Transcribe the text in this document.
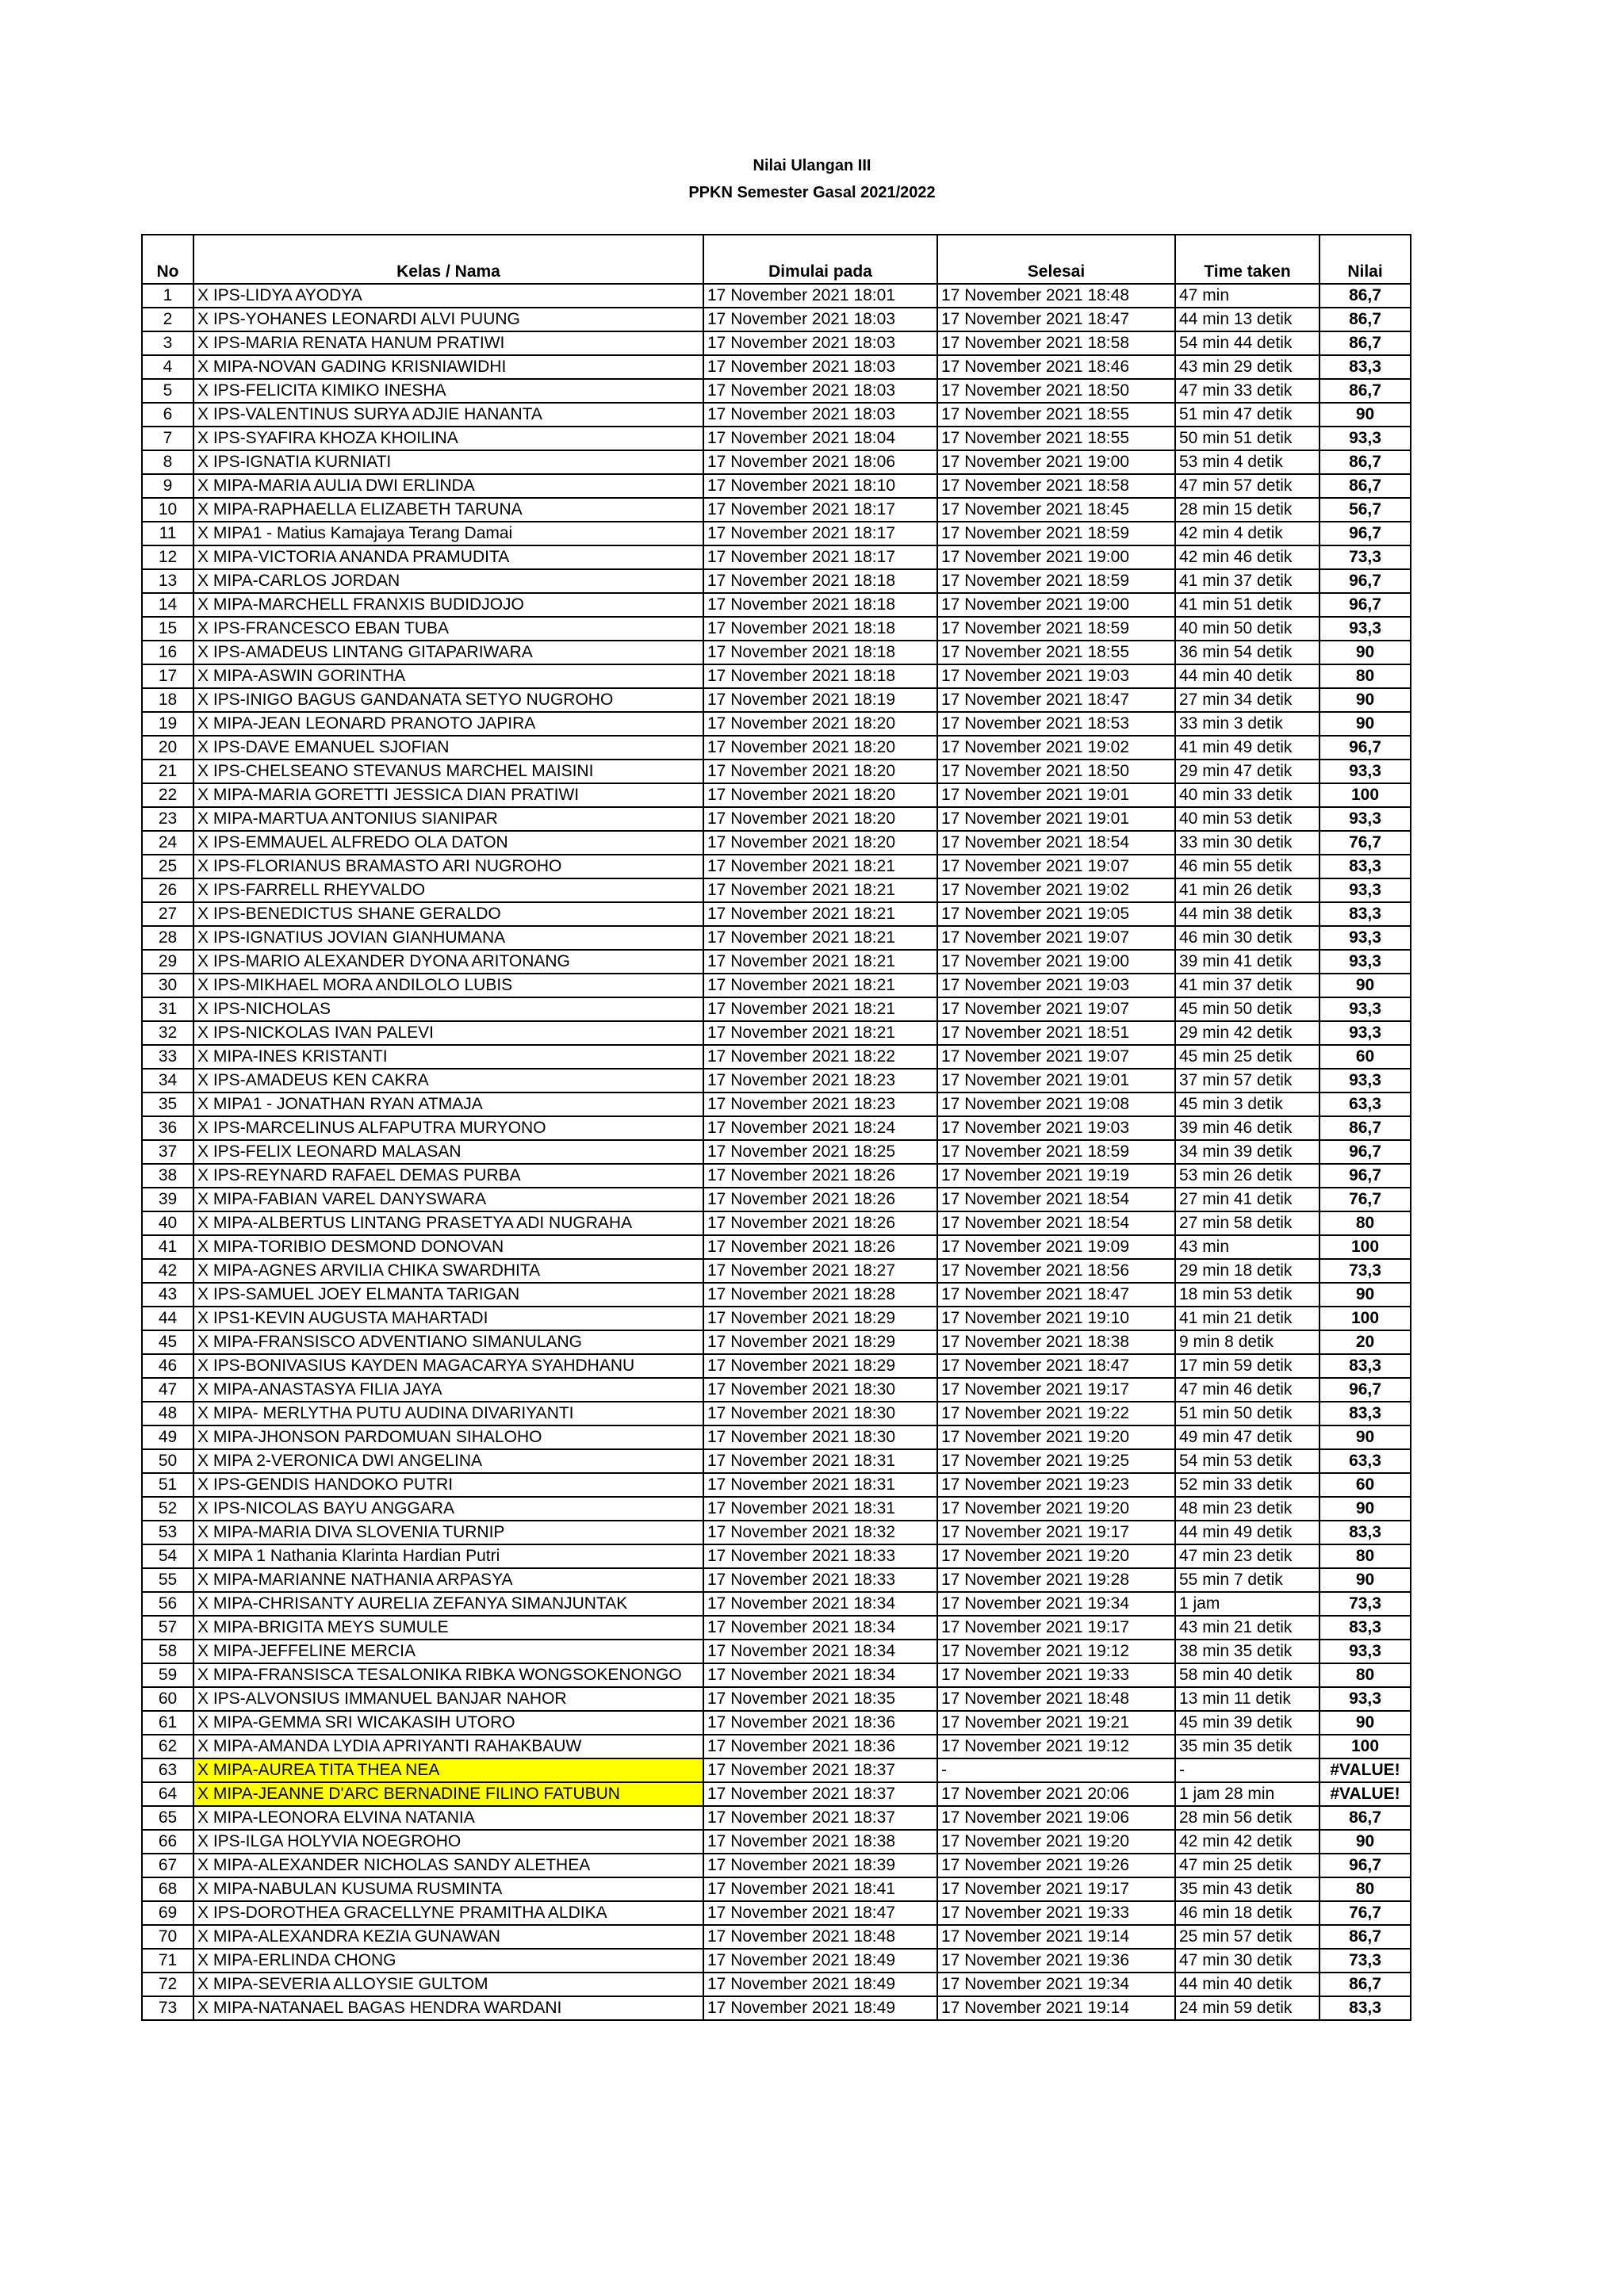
Nilai Ulangan III
PPKN Semester Gasal 2021/2022
No	Kelas / Nama	Dimulai pada	Selesai	Time taken	Nilai
1	X IPS-LIDYA AYODYA	17 November 2021 18:01	17 November 2021 18:48	47 min	86,7
2	X IPS-YOHANES LEONARDI ALVI PUUNG	17 November 2021 18:03	17 November 2021 18:47	44 min 13 detik	86,7
3	X IPS-MARIA RENATA HANUM PRATIWI	17 November 2021 18:03	17 November 2021 18:58	54 min 44 detik	86,7
4	X MIPA-NOVAN GADING KRISNIAWIDHI	17 November 2021 18:03	17 November 2021 18:46	43 min 29 detik	83,3
5	X IPS-FELICITA KIMIKO INESHA	17 November 2021 18:03	17 November 2021 18:50	47 min 33 detik	86,7
6	X IPS-VALENTINUS SURYA ADJIE HANANTA	17 November 2021 18:03	17 November 2021 18:55	51 min 47 detik	90
7	X IPS-SYAFIRA KHOZA KHOILINA	17 November 2021 18:04	17 November 2021 18:55	50 min 51 detik	93,3
8	X IPS-IGNATIA KURNIATI	17 November 2021 18:06	17 November 2021 19:00	53 min 4 detik	86,7
9	X MIPA-MARIA AULIA DWI ERLINDA	17 November 2021 18:10	17 November 2021 18:58	47 min 57 detik	86,7
10	X MIPA-RAPHAELLA ELIZABETH TARUNA	17 November 2021 18:17	17 November 2021 18:45	28 min 15 detik	56,7
11	X MIPA1 - Matius Kamajaya Terang Damai	17 November 2021 18:17	17 November 2021 18:59	42 min 4 detik	96,7
12	X MIPA-VICTORIA ANANDA PRAMUDITA	17 November 2021 18:17	17 November 2021 19:00	42 min 46 detik	73,3
13	X MIPA-CARLOS JORDAN	17 November 2021 18:18	17 November 2021 18:59	41 min 37 detik	96,7
14	X MIPA-MARCHELL FRANXIS BUDIDJOJO	17 November 2021 18:18	17 November 2021 19:00	41 min 51 detik	96,7
15	X IPS-FRANCESCO EBAN TUBA	17 November 2021 18:18	17 November 2021 18:59	40 min 50 detik	93,3
16	X IPS-AMADEUS LINTANG GITAPARIWARA	17 November 2021 18:18	17 November 2021 18:55	36 min 54 detik	90
17	X MIPA-ASWIN GORINTHA	17 November 2021 18:18	17 November 2021 19:03	44 min 40 detik	80
18	X IPS-INIGO BAGUS GANDANATA SETYO NUGROHO	17 November 2021 18:19	17 November 2021 18:47	27 min 34 detik	90
19	X MIPA-JEAN LEONARD PRANOTO JAPIRA	17 November 2021 18:20	17 November 2021 18:53	33 min 3 detik	90
20	X IPS-DAVE EMANUEL SJOFIAN	17 November 2021 18:20	17 November 2021 19:02	41 min 49 detik	96,7
21	X IPS-CHELSEANO STEVANUS MARCHEL MAISINI	17 November 2021 18:20	17 November 2021 18:50	29 min 47 detik	93,3
22	X MIPA-MARIA GORETTI JESSICA DIAN PRATIWI	17 November 2021 18:20	17 November 2021 19:01	40 min 33 detik	100
23	X MIPA-MARTUA ANTONIUS SIANIPAR	17 November 2021 18:20	17 November 2021 19:01	40 min 53 detik	93,3
24	X IPS-EMMAUEL ALFREDO OLA DATON	17 November 2021 18:20	17 November 2021 18:54	33 min 30 detik	76,7
25	X IPS-FLORIANUS BRAMASTO ARI NUGROHO	17 November 2021 18:21	17 November 2021 19:07	46 min 55 detik	83,3
26	X IPS-FARRELL RHEYVALDO	17 November 2021 18:21	17 November 2021 19:02	41 min 26 detik	93,3
27	X IPS-BENEDICTUS SHANE GERALDO	17 November 2021 18:21	17 November 2021 19:05	44 min 38 detik	83,3
28	X IPS-IGNATIUS JOVIAN GIANHUMANA	17 November 2021 18:21	17 November 2021 19:07	46 min 30 detik	93,3
29	X IPS-MARIO ALEXANDER DYONA ARITONANG	17 November 2021 18:21	17 November 2021 19:00	39 min 41 detik	93,3
30	X IPS-MIKHAEL MORA ANDILOLO LUBIS	17 November 2021 18:21	17 November 2021 19:03	41 min 37 detik	90
31	X IPS-NICHOLAS	17 November 2021 18:21	17 November 2021 19:07	45 min 50 detik	93,3
32	X IPS-NICKOLAS IVAN PALEVI	17 November 2021 18:21	17 November 2021 18:51	29 min 42 detik	93,3
33	X MIPA-INES KRISTANTI	17 November 2021 18:22	17 November 2021 19:07	45 min 25 detik	60
34	X IPS-AMADEUS KEN CAKRA	17 November 2021 18:23	17 November 2021 19:01	37 min 57 detik	93,3
35	X MIPA1 - JONATHAN RYAN ATMAJA	17 November 2021 18:23	17 November 2021 19:08	45 min 3 detik	63,3
36	X IPS-MARCELINUS ALFAPUTRA MURYONO	17 November 2021 18:24	17 November 2021 19:03	39 min 46 detik	86,7
37	X IPS-FELIX LEONARD MALASAN	17 November 2021 18:25	17 November 2021 18:59	34 min 39 detik	96,7
38	X IPS-REYNARD RAFAEL DEMAS PURBA	17 November 2021 18:26	17 November 2021 19:19	53 min 26 detik	96,7
39	X MIPA-FABIAN VAREL DANYSWARA	17 November 2021 18:26	17 November 2021 18:54	27 min 41 detik	76,7
40	X MIPA-ALBERTUS LINTANG PRASETYA ADI NUGRAHA	17 November 2021 18:26	17 November 2021 18:54	27 min 58 detik	80
41	X MIPA-TORIBIO DESMOND DONOVAN	17 November 2021 18:26	17 November 2021 19:09	43 min	100
42	X MIPA-AGNES ARVILIA CHIKA SWARDHITA	17 November 2021 18:27	17 November 2021 18:56	29 min 18 detik	73,3
43	X IPS-SAMUEL JOEY ELMANTA TARIGAN	17 November 2021 18:28	17 November 2021 18:47	18 min 53 detik	90
44	X IPS1-KEVIN AUGUSTA MAHARTADI	17 November 2021 18:29	17 November 2021 19:10	41 min 21 detik	100
45	X MIPA-FRANSISCO ADVENTIANO SIMANULANG	17 November 2021 18:29	17 November 2021 18:38	9 min 8 detik	20
46	X IPS-BONIVASIUS KAYDEN MAGACARYA SYAHDHANU	17 November 2021 18:29	17 November 2021 18:47	17 min 59 detik	83,3
47	X MIPA-ANASTASYA FILIA JAYA	17 November 2021 18:30	17 November 2021 19:17	47 min 46 detik	96,7
48	X MIPA- MERLYTHA PUTU AUDINA DIVARIYANTI	17 November 2021 18:30	17 November 2021 19:22	51 min 50 detik	83,3
49	X MIPA-JHONSON PARDOMUAN SIHALOHO	17 November 2021 18:30	17 November 2021 19:20	49 min 47 detik	90
50	X MIPA 2-VERONICA DWI ANGELINA	17 November 2021 18:31	17 November 2021 19:25	54 min 53 detik	63,3
51	X IPS-GENDIS HANDOKO PUTRI	17 November 2021 18:31	17 November 2021 19:23	52 min 33 detik	60
52	X IPS-NICOLAS BAYU ANGGARA	17 November 2021 18:31	17 November 2021 19:20	48 min 23 detik	90
53	X MIPA-MARIA DIVA SLOVENIA TURNIP	17 November 2021 18:32	17 November 2021 19:17	44 min 49 detik	83,3
54	X MIPA 1 Nathania Klarinta Hardian Putri	17 November 2021 18:33	17 November 2021 19:20	47 min 23 detik	80
55	X MIPA-MARIANNE NATHANIA ARPASYA	17 November 2021 18:33	17 November 2021 19:28	55 min 7 detik	90
56	X MIPA-CHRISANTY AURELIA ZEFANYA SIMANJUNTAK	17 November 2021 18:34	17 November 2021 19:34	1 jam	73,3
57	X MIPA-BRIGITA MEYS SUMULE	17 November 2021 18:34	17 November 2021 19:17	43 min 21 detik	83,3
58	X MIPA-JEFFELINE MERCIA	17 November 2021 18:34	17 November 2021 19:12	38 min 35 detik	93,3
59	X MIPA-FRANSISCA TESALONIKA RIBKA WONGSOKENONGO	17 November 2021 18:34	17 November 2021 19:33	58 min 40 detik	80
60	X IPS-ALVONSIUS IMMANUEL BANJAR NAHOR	17 November 2021 18:35	17 November 2021 18:48	13 min 11 detik	93,3
61	X MIPA-GEMMA SRI WICAKASIH UTORO	17 November 2021 18:36	17 November 2021 19:21	45 min 39 detik	90
62	X MIPA-AMANDA LYDIA APRIYANTI RAHAKBAUW	17 November 2021 18:36	17 November 2021 19:12	35 min 35 detik	100
63	X MIPA-AUREA TITA THEA NEA	17 November 2021 18:37	-	-	#VALUE!
64	X MIPA-JEANNE D'ARC BERNADINE FILINO FATUBUN	17 November 2021 18:37	17 November 2021 20:06	1 jam 28 min	#VALUE!
65	X MIPA-LEONORA ELVINA NATANIA	17 November 2021 18:37	17 November 2021 19:06	28 min 56 detik	86,7
66	X IPS-ILGA HOLYVIA NOEGROHO	17 November 2021 18:38	17 November 2021 19:20	42 min 42 detik	90
67	X MIPA-ALEXANDER NICHOLAS SANDY ALETHEA	17 November 2021 18:39	17 November 2021 19:26	47 min 25 detik	96,7
68	X MIPA-NABULAN KUSUMA RUSMINTA	17 November 2021 18:41	17 November 2021 19:17	35 min 43 detik	80
69	X IPS-DOROTHEA GRACELLYNE PRAMITHA ALDIKA	17 November 2021 18:47	17 November 2021 19:33	46 min 18 detik	76,7
70	X MIPA-ALEXANDRA KEZIA GUNAWAN	17 November 2021 18:48	17 November 2021 19:14	25 min 57 detik	86,7
71	X MIPA-ERLINDA CHONG	17 November 2021 18:49	17 November 2021 19:36	47 min 30 detik	73,3
72	X MIPA-SEVERIA ALLOYSIE GULTOM	17 November 2021 18:49	17 November 2021 19:34	44 min 40 detik	86,7
73	X MIPA-NATANAEL BAGAS HENDRA WARDANI	17 November 2021 18:49	17 November 2021 19:14	24 min 59 detik	83,3
